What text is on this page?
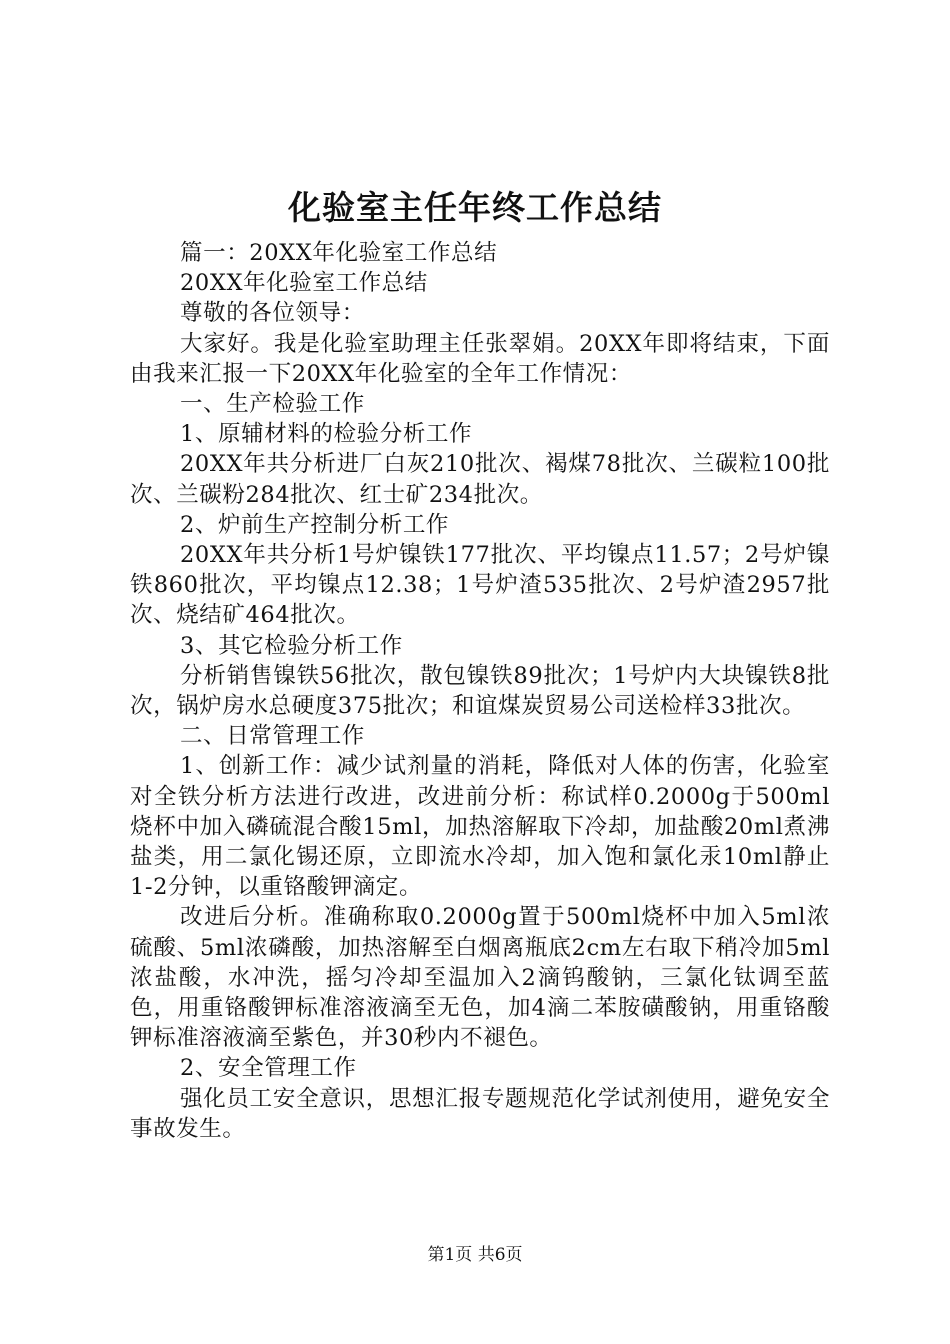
化验室主任年终工作总结

篇一：20XX年化验室工作总结

20XX年化验室工作总结

尊敬的各位领导：

大家好。我是化验室助理主任张翠娟。20XX年即将结束，下面由我来汇报一下20XX年化验室的全年工作情况：

一、生产检验工作

1、原辅材料的检验分析工作

20XX年共分析进厂白灰210批次、褐煤78批次、兰碳粒100批次、兰碳粉284批次、红士矿234批次。

2、炉前生产控制分析工作

20XX年共分析1号炉镍铁177批次、平均镍点11.57；2号炉镍铁860批次，平均镍点12.38；1号炉渣535批次、2号炉渣2957批次、烧结矿464批次。

3、其它检验分析工作

分析销售镍铁56批次，散包镍铁89批次；1号炉内大块镍铁8批次，锅炉房水总硬度375批次；和谊煤炭贸易公司送检样33批次。

二、日常管理工作

1、创新工作：减少试剂量的消耗，降低对人体的伤害，化验室对全铁分析方法进行改进，改进前分析：称试样0.2000g于500ml烧杯中加入磷硫混合酸15ml，加热溶解取下冷却，加盐酸20ml煮沸盐类，用二氯化锡还原，立即流水冷却，加入饱和氯化汞10ml静止1-2分钟，以重铬酸钾滴定。

改进后分析。准确称取0.2000g置于500ml烧杯中加入5ml浓硫酸、5ml浓磷酸，加热溶解至白烟离瓶底2cm左右取下稍冷加5ml浓盐酸，水冲洗，摇匀冷却至温加入2滴钨酸钠，三氯化钛调至蓝色，用重铬酸钾标准溶液滴至无色，加4滴二苯胺磺酸钠，用重铬酸钾标准溶液滴至紫色，并30秒内不褪色。

2、安全管理工作

强化员工安全意识，思想汇报专题规范化学试剂使用，避免安全事故发生。

第1页 共6页
